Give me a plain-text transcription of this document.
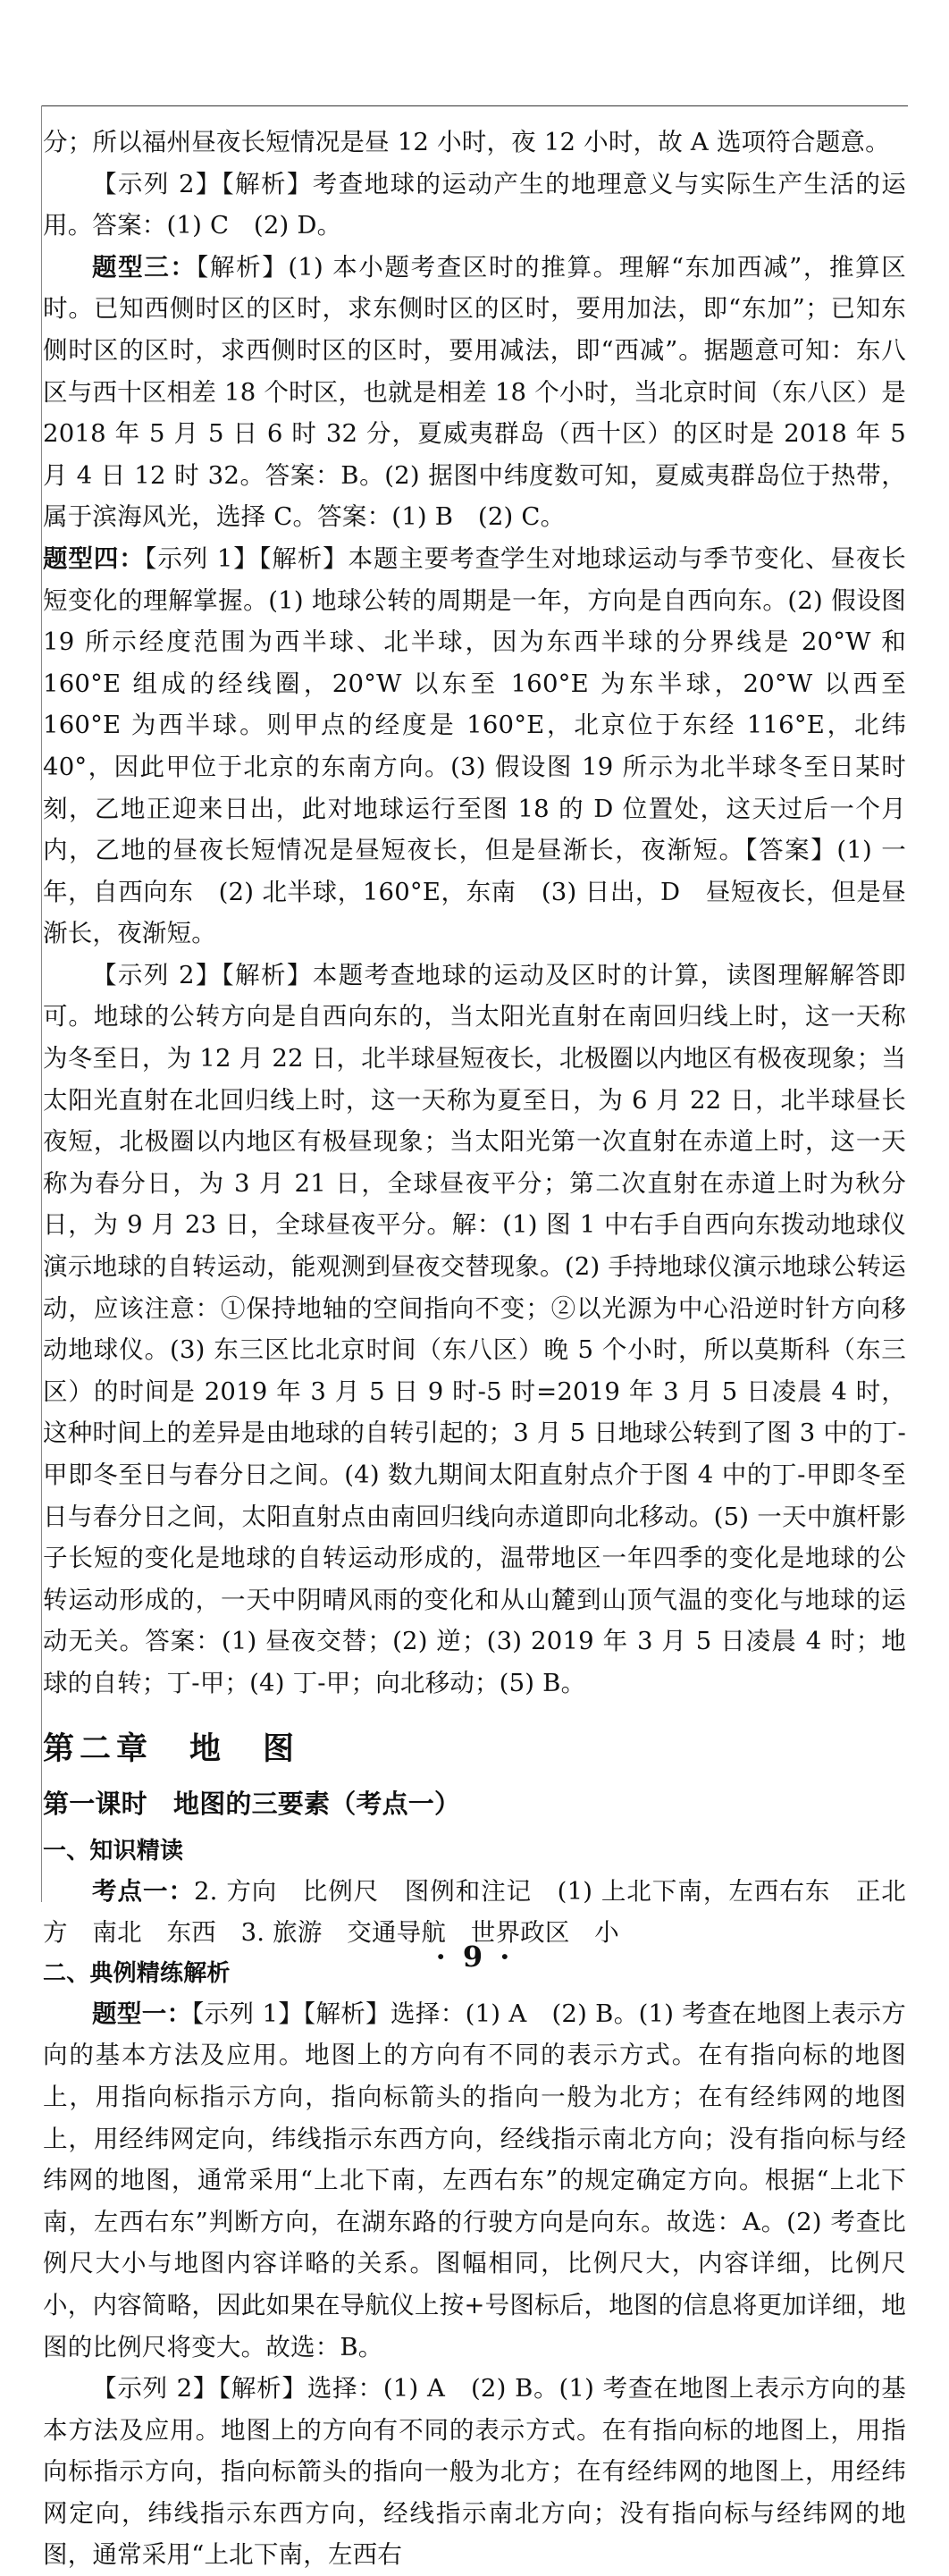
分；所以福州昼夜长短情况是昼 12 小时，夜 12 小时，故 A 选项符合题意。

【示列 2】【解析】考查地球的运动产生的地理意义与实际生产生活的运用。答案：(1) C　(2) D。

题型三：【解析】(1) 本小题考查区时的推算。理解“东加西减”，推算区时。已知西侧时区的区时，求东侧时区的区时，要用加法，即“东加”；已知东侧时区的区时，求西侧时区的区时，要用减法，即“西减”。据题意可知：东八区与西十区相差 18 个时区，也就是相差 18 个小时，当北京时间（东八区）是 2018 年 5 月 5 日 6 时 32 分，夏威夷群岛（西十区）的区时是 2018 年 5 月 4 日 12 时 32。答案：B。(2) 据图中纬度数可知，夏威夷群岛位于热带，属于滨海风光，选择 C。答案：(1) B　(2) C。

题型四：【示列 1】【解析】本题主要考查学生对地球运动与季节变化、昼夜长短变化的理解掌握。(1) 地球公转的周期是一年，方向是自西向东。(2) 假设图 19 所示经度范围为西半球、北半球，因为东西半球的分界线是 20°W 和 160°E 组成的经线圈，20°W 以东至 160°E 为东半球，20°W 以西至 160°E 为西半球。则甲点的经度是 160°E，北京位于东经 116°E，北纬 40°，因此甲位于北京的东南方向。(3) 假设图 19 所示为北半球冬至日某时刻，乙地正迎来日出，此对地球运行至图 18 的 D 位置处，这天过后一个月内，乙地的昼夜长短情况是昼短夜长，但是昼渐长，夜渐短。【答案】(1) 一年，自西向东　(2) 北半球，160°E，东南　(3) 日出，D　昼短夜长，但是昼渐长，夜渐短。

【示列 2】【解析】本题考查地球的运动及区时的计算，读图理解解答即可。地球的公转方向是自西向东的，当太阳光直射在南回归线上时，这一天称为冬至日，为 12 月 22 日，北半球昼短夜长，北极圈以内地区有极夜现象；当太阳光直射在北回归线上时，这一天称为夏至日，为 6 月 22 日，北半球昼长夜短，北极圈以内地区有极昼现象；当太阳光第一次直射在赤道上时，这一天称为春分日，为 3 月 21 日，全球昼夜平分；第二次直射在赤道上时为秋分日，为 9 月 23 日，全球昼夜平分。解：(1) 图 1 中右手自西向东拨动地球仪演示地球的自转运动，能观测到昼夜交替现象。(2) 手持地球仪演示地球公转运动，应该注意：①保持地轴的空间指向不变；②以光源为中心沿逆时针方向移动地球仪。(3) 东三区比北京时间（东八区）晚 5 个小时，所以莫斯科（东三区）的时间是 2019 年 3 月 5 日 9 时-5 时=2019 年 3 月 5 日凌晨 4 时，这种时间上的差异是由地球的自转引起的；3 月 5 日地球公转到了图 3 中的丁-甲即冬至日与春分日之间。(4) 数九期间太阳直射点介于图 4 中的丁-甲即冬至日与春分日之间，太阳直射点由南回归线向赤道即向北移动。(5) 一天中旗杆影子长短的变化是地球的自转运动形成的，温带地区一年四季的变化是地球的公转运动形成的，一天中阴晴风雨的变化和从山麓到山顶气温的变化与地球的运动无关。答案：(1) 昼夜交替；(2) 逆；(3) 2019 年 3 月 5 日凌晨 4 时；地球的自转；丁-甲；(4) 丁-甲；向北移动；(5) B。

第二章　地　图
第一课时　地图的三要素（考点一）
一、知识精读

考点一：2. 方向　比例尺　图例和注记　(1) 上北下南，左西右东　正北方　南北　东西　3. 旅游　交通导航　世界政区　小

二、典例精练解析

题型一：【示列 1】【解析】选择：(1) A　(2) B。(1) 考查在地图上表示方向的基本方法及应用。地图上的方向有不同的表示方式。在有指向标的地图上，用指向标指示方向，指向标箭头的指向一般为北方；在有经纬网的地图上，用经纬网定向，纬线指示东西方向，经线指示南北方向；没有指向标与经纬网的地图，通常采用“上北下南，左西右东”的规定确定方向。根据“上北下南，左西右东”判断方向，在湖东路的行驶方向是向东。故选：A。(2) 考查比例尺大小与地图内容详略的关系。图幅相同，比例尺大，内容详细，比例尺小，内容简略，因此如果在导航仪上按+号图标后，地图的信息将更加详细，地图的比例尺将变大。故选：B。

【示列 2】【解析】选择：(1) A　(2) B。(1) 考查在地图上表示方向的基本方法及应用。地图上的方向有不同的表示方式。在有指向标的地图上，用指向标指示方向，指向标箭头的指向一般为北方；在有经纬网的地图上，用经纬网定向，纬线指示东西方向，经线指示南北方向；没有指向标与经纬网的地图，通常采用“上北下南，左西右

· 9 ·
